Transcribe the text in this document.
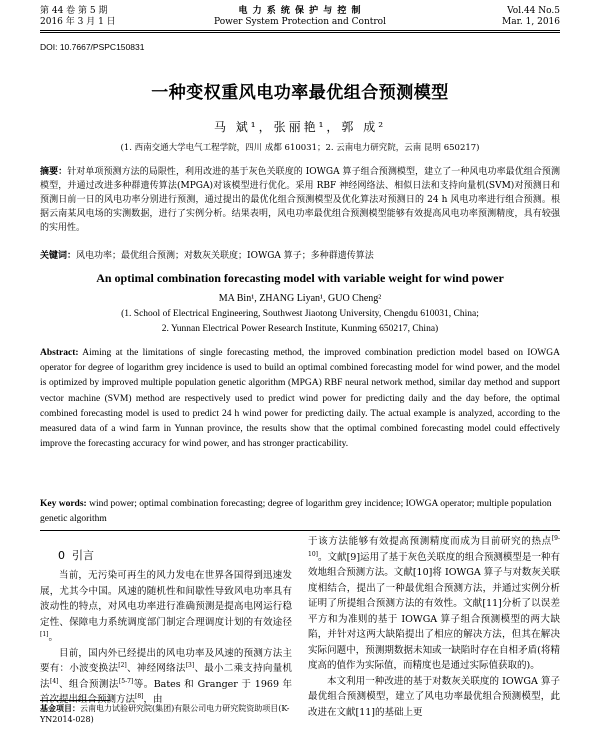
第 44 卷 第 5 期
2016 年 3 月 1 日
电 力 系 统 保 护 与 控 制
Power System Protection and Control
Vol.44 No.5
Mar. 1, 2016
DOI: 10.7667/PSPC150831
一种变权重风电功率最优组合预测模型
马 斌¹，张丽艳¹，郭 成²
(1. 西南交通大学电气工程学院，四川 成都 610031；2. 云南电力研究院，云南 昆明 650217)
摘要：针对单项预测方法的局限性，利用改进的基于灰色关联度的 IOWGA 算子组合预测模型，建立了一种风电功率最优组合预测模型，并通过改进多种群遗传算法(MPGA)对该模型进行优化。采用 RBF 神经网络法、相似日法和支持向量机(SVM)对预测日和预测日前一日的风电功率分别进行预测，通过提出的最优化组合预测模型及优化算法对预测日的 24 h 风电功率进行组合预测。根据云南某风电场的实测数据，进行了实例分析。结果表明，风电功率最优组合预测模型能够有效提高风电功率预测精度，具有较强的实用性。
关键词：风电功率；最优组合预测；对数灰关联度；IOWGA 算子；多种群遗传算法
An optimal combination forecasting model with variable weight for wind power
MA Bin¹, ZHANG Liyan¹, GUO Cheng²
(1. School of Electrical Engineering, Southwest Jiaotong University, Chengdu 610031, China;
2. Yunnan Electrical Power Research Institute, Kunming 650217, China)
Abstract: Aiming at the limitations of single forecasting method, the improved combination prediction model based on IOWGA operator for degree of logarithm grey incidence is used to build an optimal combined forecasting model for wind power, and the model is optimized by improved multiple population genetic algorithm (MPGA) RBF neural network method, similar day method and support vector machine (SVM) method are respectively used to predict wind power for predicting daily and the day before, the optimal combined forecasting model is used to predict 24 h wind power for predicting daily. The actual example is analyzed, according to the measured data of a wind farm in Yunnan province, the results show that the optimal combined forecasting model could effectively improve the forecasting accuracy for wind power, and has stronger practicability.
Key words: wind power; optimal combination forecasting; degree of logarithm grey incidence; IOWGA operator; multiple population genetic algorithm
0 引言

当前，无污染可再生的风力发电在世界各国得到迅速发展，尤其今中国。风速的随机性和间歇性导致风电功率具有波动性的特点，对风电功率进行准确预测是提高电网运行稳定性、保障电力系统调度部门制定合理调度计划的有效途径[1]。

目前，国内外已经提出的风电功率及风速的预测方法主要有：小波变换法[2]、神经网络法[3]、最小二乘支持向量机法[4]、组合预测法[5-7]等。Bates 和 Granger 于 1969 年首次提出组合预测方法[8]，由

于该方法能够有效提高预测精度而成为目前研究的热点[9-10]。文献[9]运用了基于灰色关联度的组合预测模型是一种有效地组合预测方法。文献[10]将 IOWGA 算子与对数灰关联度相结合，提出了一种最优组合预测方法，并通过实例分析证明了所提组合预测方法的有效性。文献[11]分析了以误差平方和为准则的基于 IOWGA 算子组合预测模型的两大缺陷，并针对这两大缺陷提出了相应的解决方法，但其在解决实际问题中，预测期数据未知或一缺陷时存在自相矛盾(将精度高的值作为实际值，而精度也是通过实际值获取的)。

本文利用一种改进的基于对数灰关联度的 IOWGA 算子最优组合预测模型，建立了风电功率最优组合预测模型，此改进在文献[11]的基础上更

基金项目：云南电力试验研究院(集团)有限公司电力研究院资助项目(K-YN2014-028)
